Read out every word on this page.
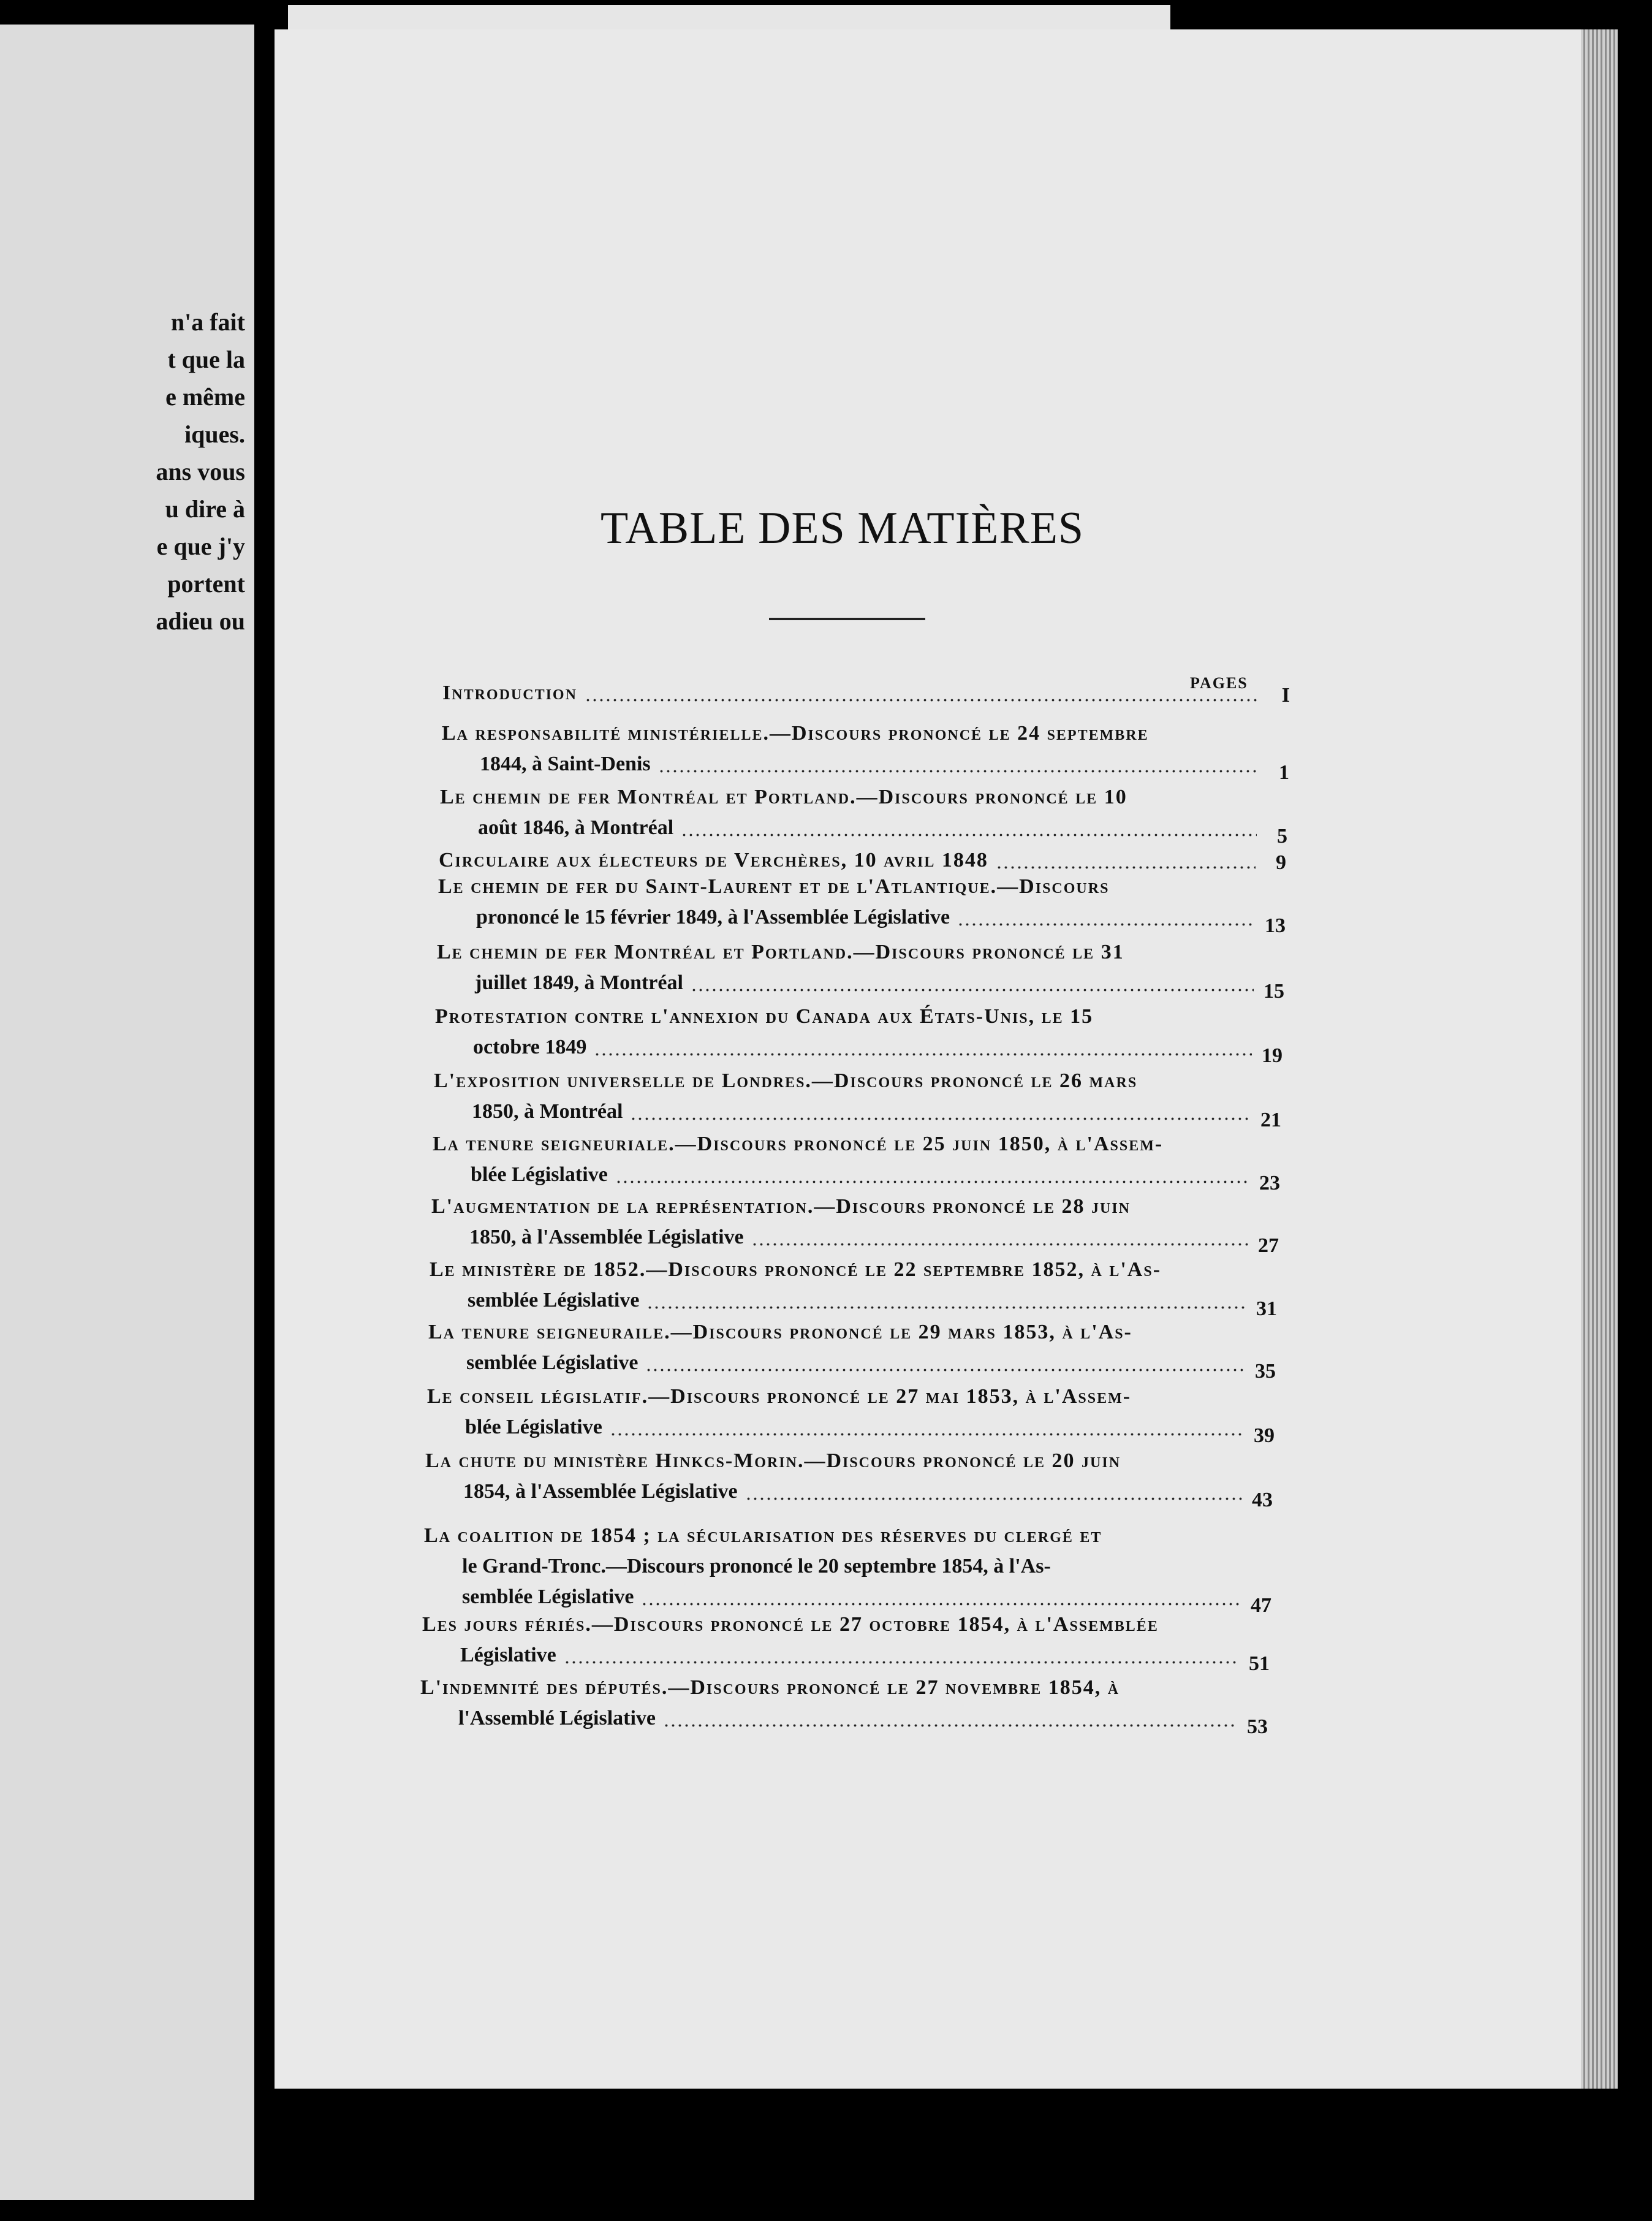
n'a fait
t que la
e même
iques.
ans vous
u dire à
e que j'y
portent
adieu ou
TABLE DES MATIÈRES
PAGES
Introduction	I
La responsabilité ministérielle.—Discours prononcé le 24 septembre
1844, à Saint-Denis	1
Le chemin de fer Montréal et Portland.—Discours prononcé le 10
août 1846, à Montréal	5
Circulaire aux électeurs de Verchères, 10 avril 1848	9
Le chemin de fer du Saint-Laurent et de l'Atlantique.—Discours
prononcé le 15 février 1849, à l'Assemblée Législative	13
Le chemin de fer Montréal et Portland.—Discours prononcé le 31
juillet 1849, à Montréal	15
Protestation contre l'annexion du Canada aux États-Unis, le 15
octobre 1849	19
L'exposition universelle de Londres.—Discours prononcé le 26 mars
1850, à Montréal	21
La tenure seigneuriale.—Discours prononcé le 25 juin 1850, à l'Assem-
blée Législative	23
L'augmentation de la représentation.—Discours prononcé le 28 juin
1850, à l'Assemblée Législative	27
Le ministère de 1852.—Discours prononcé le 22 septembre 1852, à l'As-
semblée Législative	31
La tenure seigneuraile.—Discours prononcé le 29 mars 1853, à l'As-
semblée Législative	35
Le conseil législatif.—Discours prononcé le 27 mai 1853, à l'Assem-
blée Législative	39
La chute du ministère Hinkcs-Morin.—Discours prononcé le 20 juin
1854, à l'Assemblée Législative	43
La coalition de 1854 ; la sécularisation des réserves du clergé et
le Grand-Tronc.—Discours prononcé le 20 septembre 1854, à l'As-
semblée Législative	47
Les jours fériés.—Discours prononcé le 27 octobre 1854, à l'Assemblée
Législative	51
L'indemnité des députés.—Discours prononcé le 27 novembre 1854, à
l'Assemblé Législative	53
